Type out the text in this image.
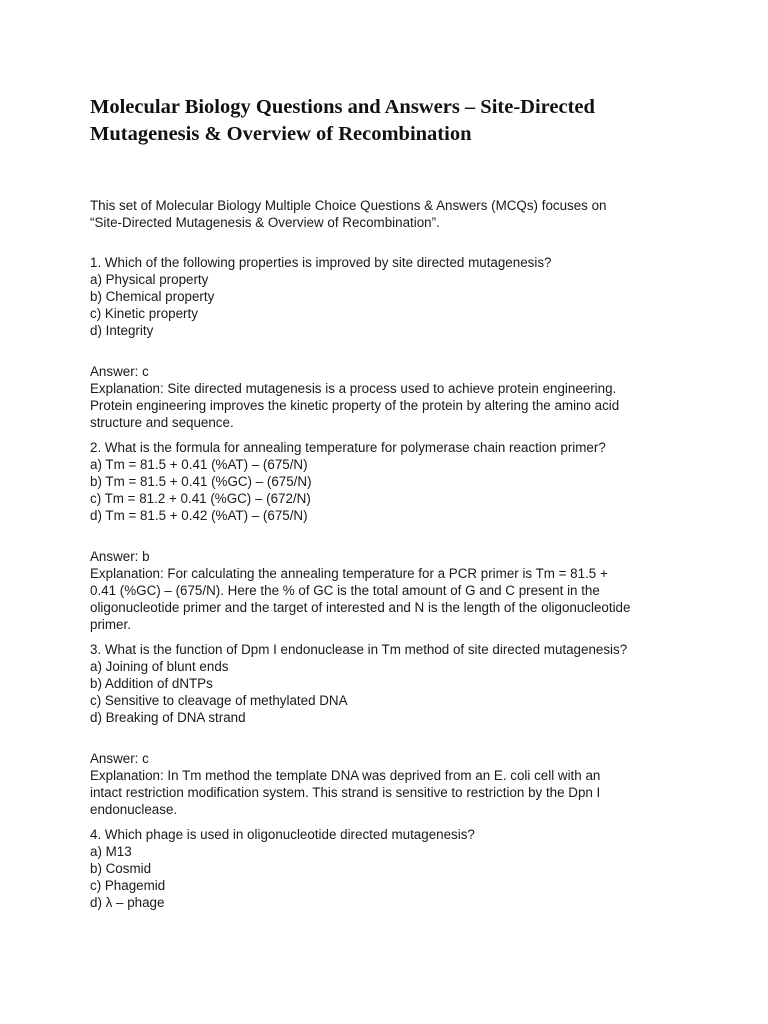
Molecular Biology Questions and Answers – Site-Directed
Mutagenesis & Overview of Recombination
This set of Molecular Biology Multiple Choice Questions & Answers (MCQs) focuses on
“Site-Directed Mutagenesis & Overview of Recombination”.
1. Which of the following properties is improved by site directed mutagenesis?
a) Physical property
b) Chemical property
c) Kinetic property
d) Integrity
Answer: c
Explanation: Site directed mutagenesis is a process used to achieve protein engineering.
Protein engineering improves the kinetic property of the protein by altering the amino acid
structure and sequence.
2. What is the formula for annealing temperature for polymerase chain reaction primer?
a) Tm = 81.5 + 0.41 (%AT) – (675/N)
b) Tm = 81.5 + 0.41 (%GC) – (675/N)
c) Tm = 81.2 + 0.41 (%GC) – (672/N)
d) Tm = 81.5 + 0.42 (%AT) – (675/N)
Answer: b
Explanation: For calculating the annealing temperature for a PCR primer is Tm = 81.5 +
0.41 (%GC) – (675/N). Here the % of GC is the total amount of G and C present in the
oligonucleotide primer and the target of interested and N is the length of the oligonucleotide
primer.
3. What is the function of Dpm I endonuclease in Tm method of site directed mutagenesis?
a) Joining of blunt ends
b) Addition of dNTPs
c) Sensitive to cleavage of methylated DNA
d) Breaking of DNA strand
Answer: c
Explanation: In Tm method the template DNA was deprived from an E. coli cell with an
intact restriction modification system. This strand is sensitive to restriction by the Dpn I
endonuclease.
4. Which phage is used in oligonucleotide directed mutagenesis?
a) M13
b) Cosmid
c) Phagemid
d) λ – phage
